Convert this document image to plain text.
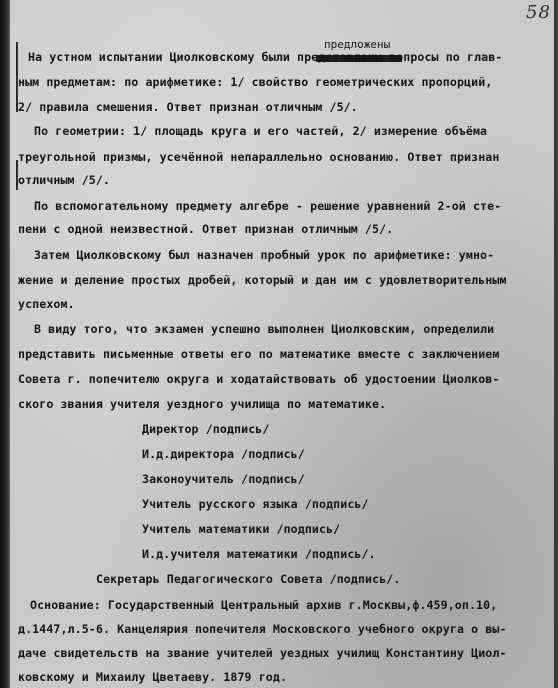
58
предложены
На устном испытании Циолковскому были представлены вопросы по глав-
ным предметам: по арифметике: 1/ свойство геометрических пропорций,
2/ правила смешения. Ответ признан отличным /5/.
По геометрии: 1/ площадь круга и его частей, 2/ измерение объёма
треугольной призмы, усечённой непараллельно основанию. Ответ признан
отличным /5/.
По вспомогательному предмету алгебре - решение уравнений 2-ой сте-
пени с одной неизвестной. Ответ признан отличным /5/.
Затем Циолковскому был назначен пробный урок по арифметике: умно-
жение и деление простых дробей, который и дан им с удовлетворительным
успехом.
В виду того, что экзамен успешно выполнен Циолковским, определили
представить письменные ответы его по математике вместе с заключением
Совета г. попечителю округа и ходатайствовать об удостоении Циолков-
ского звания учителя уездного училища по математике.
Директор /подпись/
И.д.директора /подпись/
Законоучитель /подпись/
Учитель русского языка /подпись/
Учитель математики /подпись/
И.д.учителя математики /подпись/.
Секретарь Педагогического Совета /подпись/.
Основание: Государственный Центральный архив г.Москвы,ф.459,оп.10,
д.1447,л.5-6. Канцелярия попечителя Московского учебного округа о вы-
даче свидетельств на звание учителей уездных училищ Константину Циол-
ковскому и Михаилу Цветаеву. 1879 год.
